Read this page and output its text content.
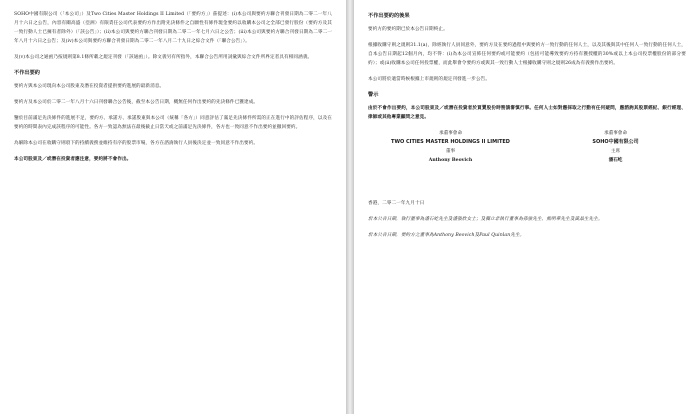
SOHO中國有限公司（「本公司」）及Two Cities Master Holdings II Limited（「要約方」）茲提述：(i)本公司與要約方聯合刊發日期為二零二一年八月十六日之公告，內容有關高盛（亞洲）有限責任公司代表要約方作出附先決條件之自願性有條件現金要約以收購本公司之全部已發行股份（要約方及其一致行動人士已擁有者除外）（「該公告」）；(ii)本公司與要約方聯合刊發日期為二零二一年七月六日之公告；(iii)本公司與要約方聯合刊發日期為二零二一年八月十六日之公告；及(iv)本公司與要約方聯合刊發日期為二零二一年八月二十九日之綜合文件（「聯合公告」）。

及(v)本公司之通函乃按規則第8.1條所載之規定刊發（「該通函」）。除文義另有所指外，本聯合公告所用詞彙與綜合文件所界定者具有相同涵義。

不作出要約

要約方與本公司現向本公司股東及潛在投資者提供要約進展的最新消息。

要約方及本公司於二零二一年八月十六日刊發聯合公告後，截至本公告日期，概無任何作出要約的先決條件已獲達成。

鑒於目前滿足先決條件的進展不足，要約方、承諾方、承諾股東與本公司（統稱「各方」）同意評估了滿足先決條件所需的正在進行中的評估程序，以及在要約的時間表內完成該程序的可能性。各方一致認為無法在最後截止日當天或之前滿足先決條件，各方也一致同意不作出要約並撤回要約。

為解除本公司在收購守則項下的持續義務並維持有序的股票市場，各方在諮詢執行人員後決定並一致同意不作出要約。

本公司股東及／或潛在投資者應注意，要約將不會作出。

不作出要約的後果

要約方的要約期已於本公告日期終止。

根據收購守則之規則31.1(a)，除經執行人員同意外，要約方及在要約過程中與要約方一致行動的任何人士，以及其後與其中任何人一致行動的任何人士，自本公告日期起12個月內，均不得：(i)為本公司宣佈任何要約或可能要約（包括可能導致要約方持有獲授權的30%或以上本公司投票權股份的部分要約）；或(ii)收購本公司任何投票權，而此舉會令要約方或與其一致行動人士根據收購守則之規則26成為有義務作出要約。

本公司將於適當時候根據上市規則的規定刊發進一步公告。

警示

由於不會作出要約，本公司股東及／或潛在投資者於買賣股份時務請審慎行事。任何人士如對應採取之行動有任何疑問，應諮詢其股票經紀、銀行經理、律師或其他專業顧問之意見。

承董事會命
TWO CITIES MASTER HOLDINGS II LIMITED
董事
Anthony Beovich
承董事會命
SOHO中國有限公司
主席
潘石屹

香港，二零二一年九月十日

於本公告日期，執行董事為潘石屹先生及潘張欣女士；及獨立非執行董事為孫強先生、熊明華先生及黃晶生先生。

於本公告日期，要約方之董事為Anthony Beovich及Paul Quinlan先生。
